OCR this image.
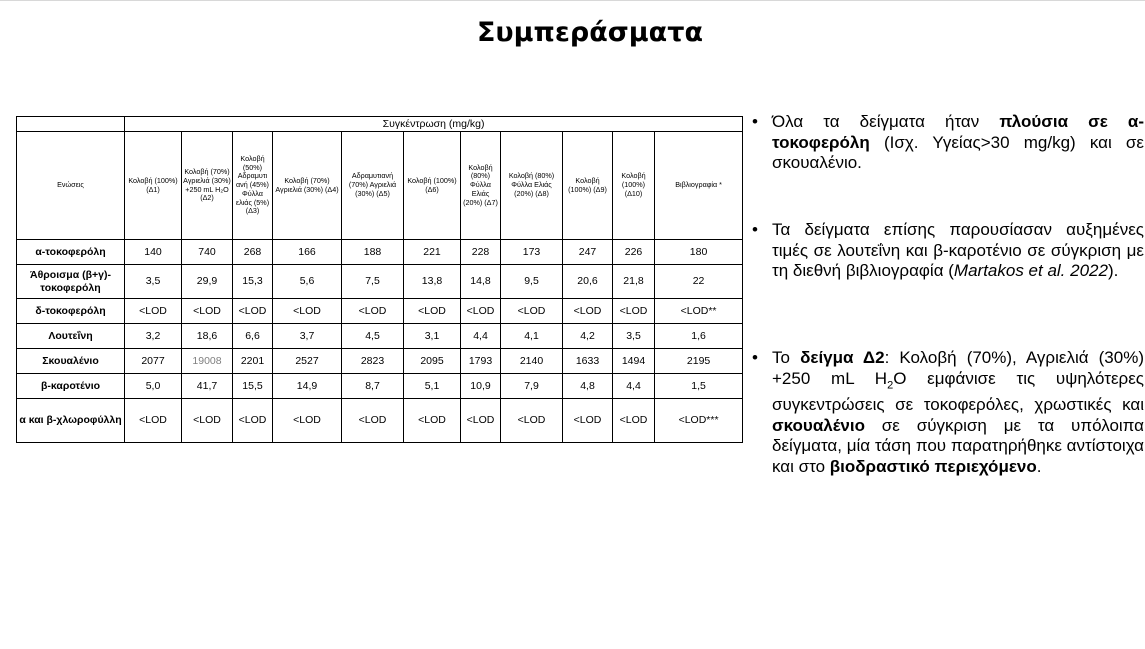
Συμπεράσματα
	Συγκέντρωση (mg/kg)										
Ενώσεις	Κολοβή (100%) (Δ1)	Κολοβή (70%) Αγριελιά (30%) +250 mL H₂O (Δ2)	Κολοβή (50%) Αδραμυτι ανή (45%) Φύλλα ελιάς (5%) (Δ3)	Κολοβή (70%) Αγριελιά (30%) (Δ4)	Αδραμυτιανή (70%) Αγριελιά (30%) (Δ5)	Κολοβή (100%) (Δ6)	Κολοβή (80%) Φύλλα Ελιάς (20%) (Δ7)	Κολοβή (80%) Φύλλα Ελιάς (20%) (Δ8)	Κολοβή (100%) (Δ9)	Κολοβή (100%) (Δ10)	Βιβλιογραφία *
α-τοκοφερόλη	140	740	268	166	188	221	228	173	247	226	180
Άθροισμα (β+γ)-τοκοφερόλη	3,5	29,9	15,3	5,6	7,5	13,8	14,8	9,5	20,6	21,8	22
δ-τοκοφερόλη	<LOD	<LOD	<LOD	<LOD	<LOD	<LOD	<LOD	<LOD	<LOD	<LOD	<LOD**
Λουτεΐνη	3,2	18,6	6,6	3,7	4,5	3,1	4,4	4,1	4,2	3,5	1,6
Σκουαλένιο	2077	19008	2201	2527	2823	2095	1793	2140	1633	1494	2195
β-καροτένιο	5,0	41,7	15,5	14,9	8,7	5,1	10,9	7,9	4,8	4,4	1,5
α και β-χλωροφύλλη	<LOD	<LOD	<LOD	<LOD	<LOD	<LOD	<LOD	<LOD	<LOD	<LOD	<LOD***
• Όλα τα δείγματα ήταν πλούσια σε α-τοκοφερόλη (Ισχ. Υγείας>30 mg/kg) και σε σκουαλένιο.
• Τα δείγματα επίσης παρουσίασαν αυξημένες τιμές σε λουτεΐνη και β-καροτένιο σε σύγκριση με τη διεθνή βιβλιογραφία (Martakos et al. 2022).
• Το δείγμα Δ2: Κολοβή (70%), Αγριελιά (30%) +250 mL $H_2O$ εμφάνισε τις υψηλότερες συγκεντρώσεις σε τοκοφερόλες, χρωστικές και σκουαλένιο σε σύγκριση με τα υπόλοιπα δείγματα, μία τάση που παρατηρήθηκε αντίστοιχα και στο βιοδραστικό περιεχόμενο.
